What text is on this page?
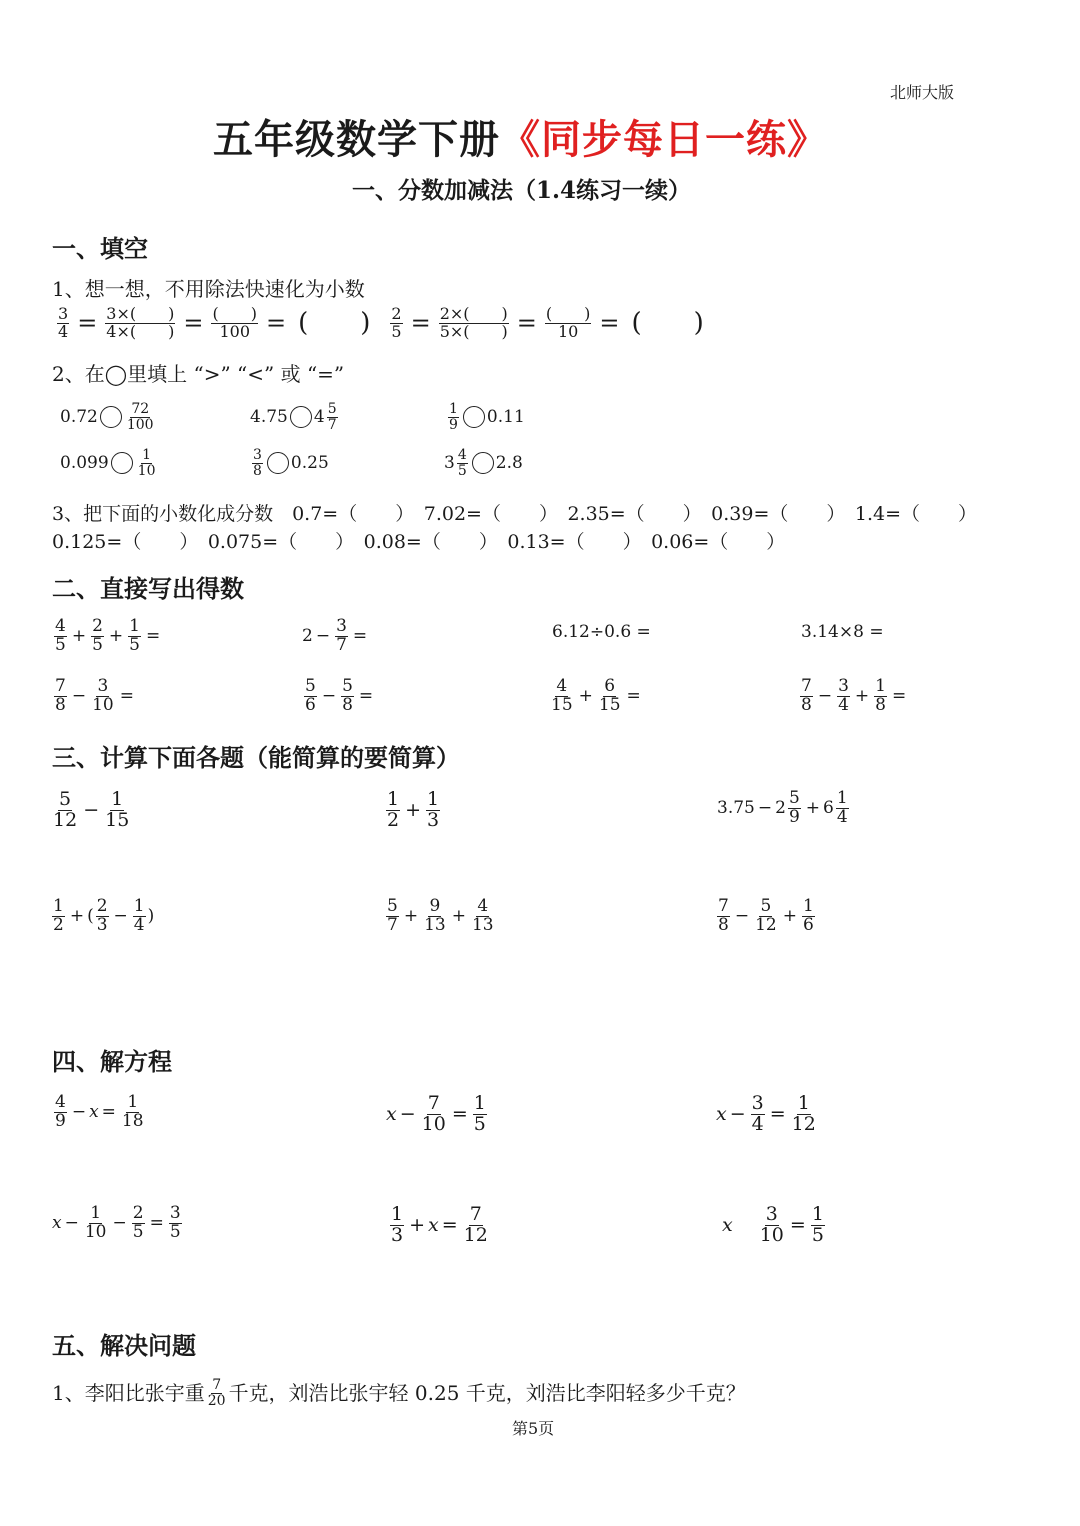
北师大版
五年级数学下册《同步每日一练》
一、分数加减法（1.4练习一续）
一、填空
1、想一想，不用除法快速化为小数
$\frac{3}{4} = \frac{3\times( )}{4\times( )} = \frac{( )}{100}$ = (　　) $\frac{2}{5} = \frac{2\times( )}{5\times( )} = \frac{( )}{10}$ = (　　)
2、在◯里填上 “>” “<” 或 “=”
$0.72 \frac{72}{100}$	4.75 $4 \frac{5}{7}$	$\frac{1}{9} 0.11$
$0.099 \frac{1}{10}$	$\frac{3}{8} 0.25$	$3 \frac{4}{5} 2.8$
3、把下面的小数化成分数　0.7=（　　）　7.02=（　　）　2.35=（　　）　0.39=（　　）　1.4=（　　）
0.125=（　　）　0.075=（　　）　0.08=（　　）　0.13=（　　）　0.06=（　　）
二、直接写出得数
$\frac{4}{5} + \frac{2}{5} + \frac{1}{5}$ =	$2 - \frac{3}{7}$ =	6.12÷0.6 =	3.14×8 =
$\frac{7}{8} - \frac{3}{10}$ =	$\frac{5}{6} - \frac{5}{8}$ =	$\frac{4}{15} + \frac{6}{15}$ =	$\frac{7}{8} - \frac{3}{4} + \frac{1}{8}$ =
三、计算下面各题（能简算的要简算）
$\frac{5}{12} - \frac{1}{15}$	$\frac{1}{2} + \frac{1}{3}$	$3.75 - 2 \frac{5}{9} + 6 \frac{1}{4}$
$\frac{1}{2}$ + ( $\frac{2}{3} - \frac{1}{4}$ )	$\frac{5}{7} + \frac{9}{13} + \frac{4}{13}$	$\frac{7}{8} - \frac{5}{12} + \frac{1}{6}$
四、解方程
$\frac{4}{9} - x = \frac{1}{18}$	$x - \frac{7}{10} = \frac{1}{5}$	$x - \frac{3}{4} = \frac{1}{12}$
$x - \frac{1}{10} - \frac{2}{5} = \frac{3}{5}$	$\frac{1}{3} + x = \frac{7}{12}$	x $\frac{3}{10} = \frac{1}{5}$
五、解决问题
1、李阳比张宇重 $\frac{7}{20}$ 千克，刘浩比张宇轻 0.25 千克，刘浩比李阳轻多少千克？
第5页
